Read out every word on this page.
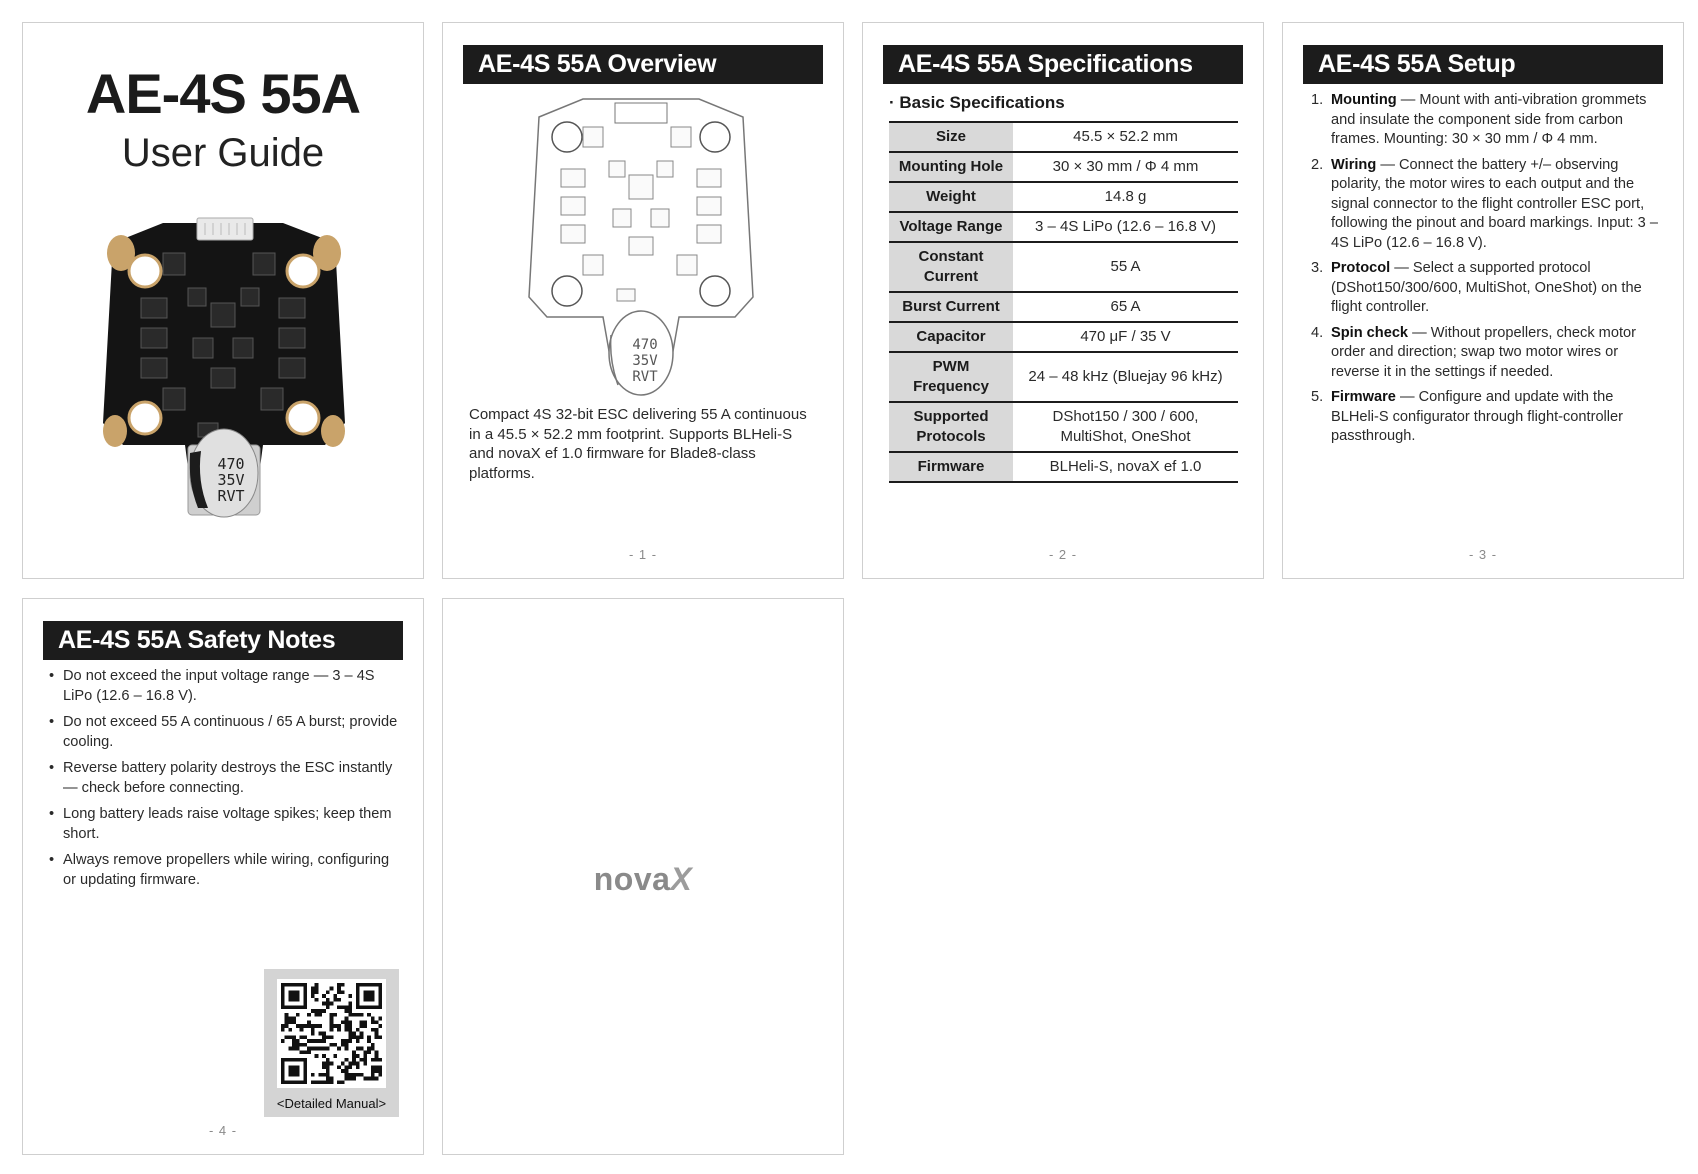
AE-4S 55A
User Guide
470
35V
RVT
AE-4S 55A Overview
470
35V
RVT
Compact 4S 32-bit ESC delivering 55 A continuous in a 45.5 × 52.2 mm footprint. Supports BLHeli-S and novaX ef 1.0 firmware for Blade8-class platforms.
- 1 -
AE-4S 55A Specifications
· Basic Specifications
Size	45.5 × 52.2 mm
Mounting Hole	30 × 30 mm / Φ 4 mm
Weight	14.8 g
Voltage Range	3 – 4S LiPo (12.6 – 16.8 V)
Constant Current	55 A
Burst Current	65 A
Capacitor	470 μF / 35 V
PWM Frequency	24 – 48 kHz (Bluejay 96 kHz)
Supported Protocols	DShot150 / 300 / 600, MultiShot, OneShot
Firmware	BLHeli-S, novaX ef 1.0
- 2 -
AE-4S 55A Setup
1. Mounting — Mount with anti-vibration grommets and insulate the component side from carbon frames. Mounting: 30 × 30 mm / Φ 4 mm.
2. Wiring — Connect the battery +/– observing polarity, the motor wires to each output and the signal connector to the flight controller ESC port, following the pinout and board markings. Input: 3 – 4S LiPo (12.6 – 16.8 V).
3. Protocol — Select a supported protocol (DShot150/300/600, MultiShot, OneShot) on the flight controller.
4. Spin check — Without propellers, check motor order and direction; swap two motor wires or reverse it in the settings if needed.
5. Firmware — Configure and update with the BLHeli-S configurator through flight-controller passthrough.
- 3 -
AE-4S 55A Safety Notes
• Do not exceed the input voltage range — 3 – 4S LiPo (12.6 – 16.8 V).
• Do not exceed 55 A continuous / 65 A burst; provide cooling.
• Reverse battery polarity destroys the ESC instantly — check before connecting.
• Long battery leads raise voltage spikes; keep them short.
• Always remove propellers while wiring, configuring or updating firmware.
<Detailed Manual>
- 4 -
novaX
